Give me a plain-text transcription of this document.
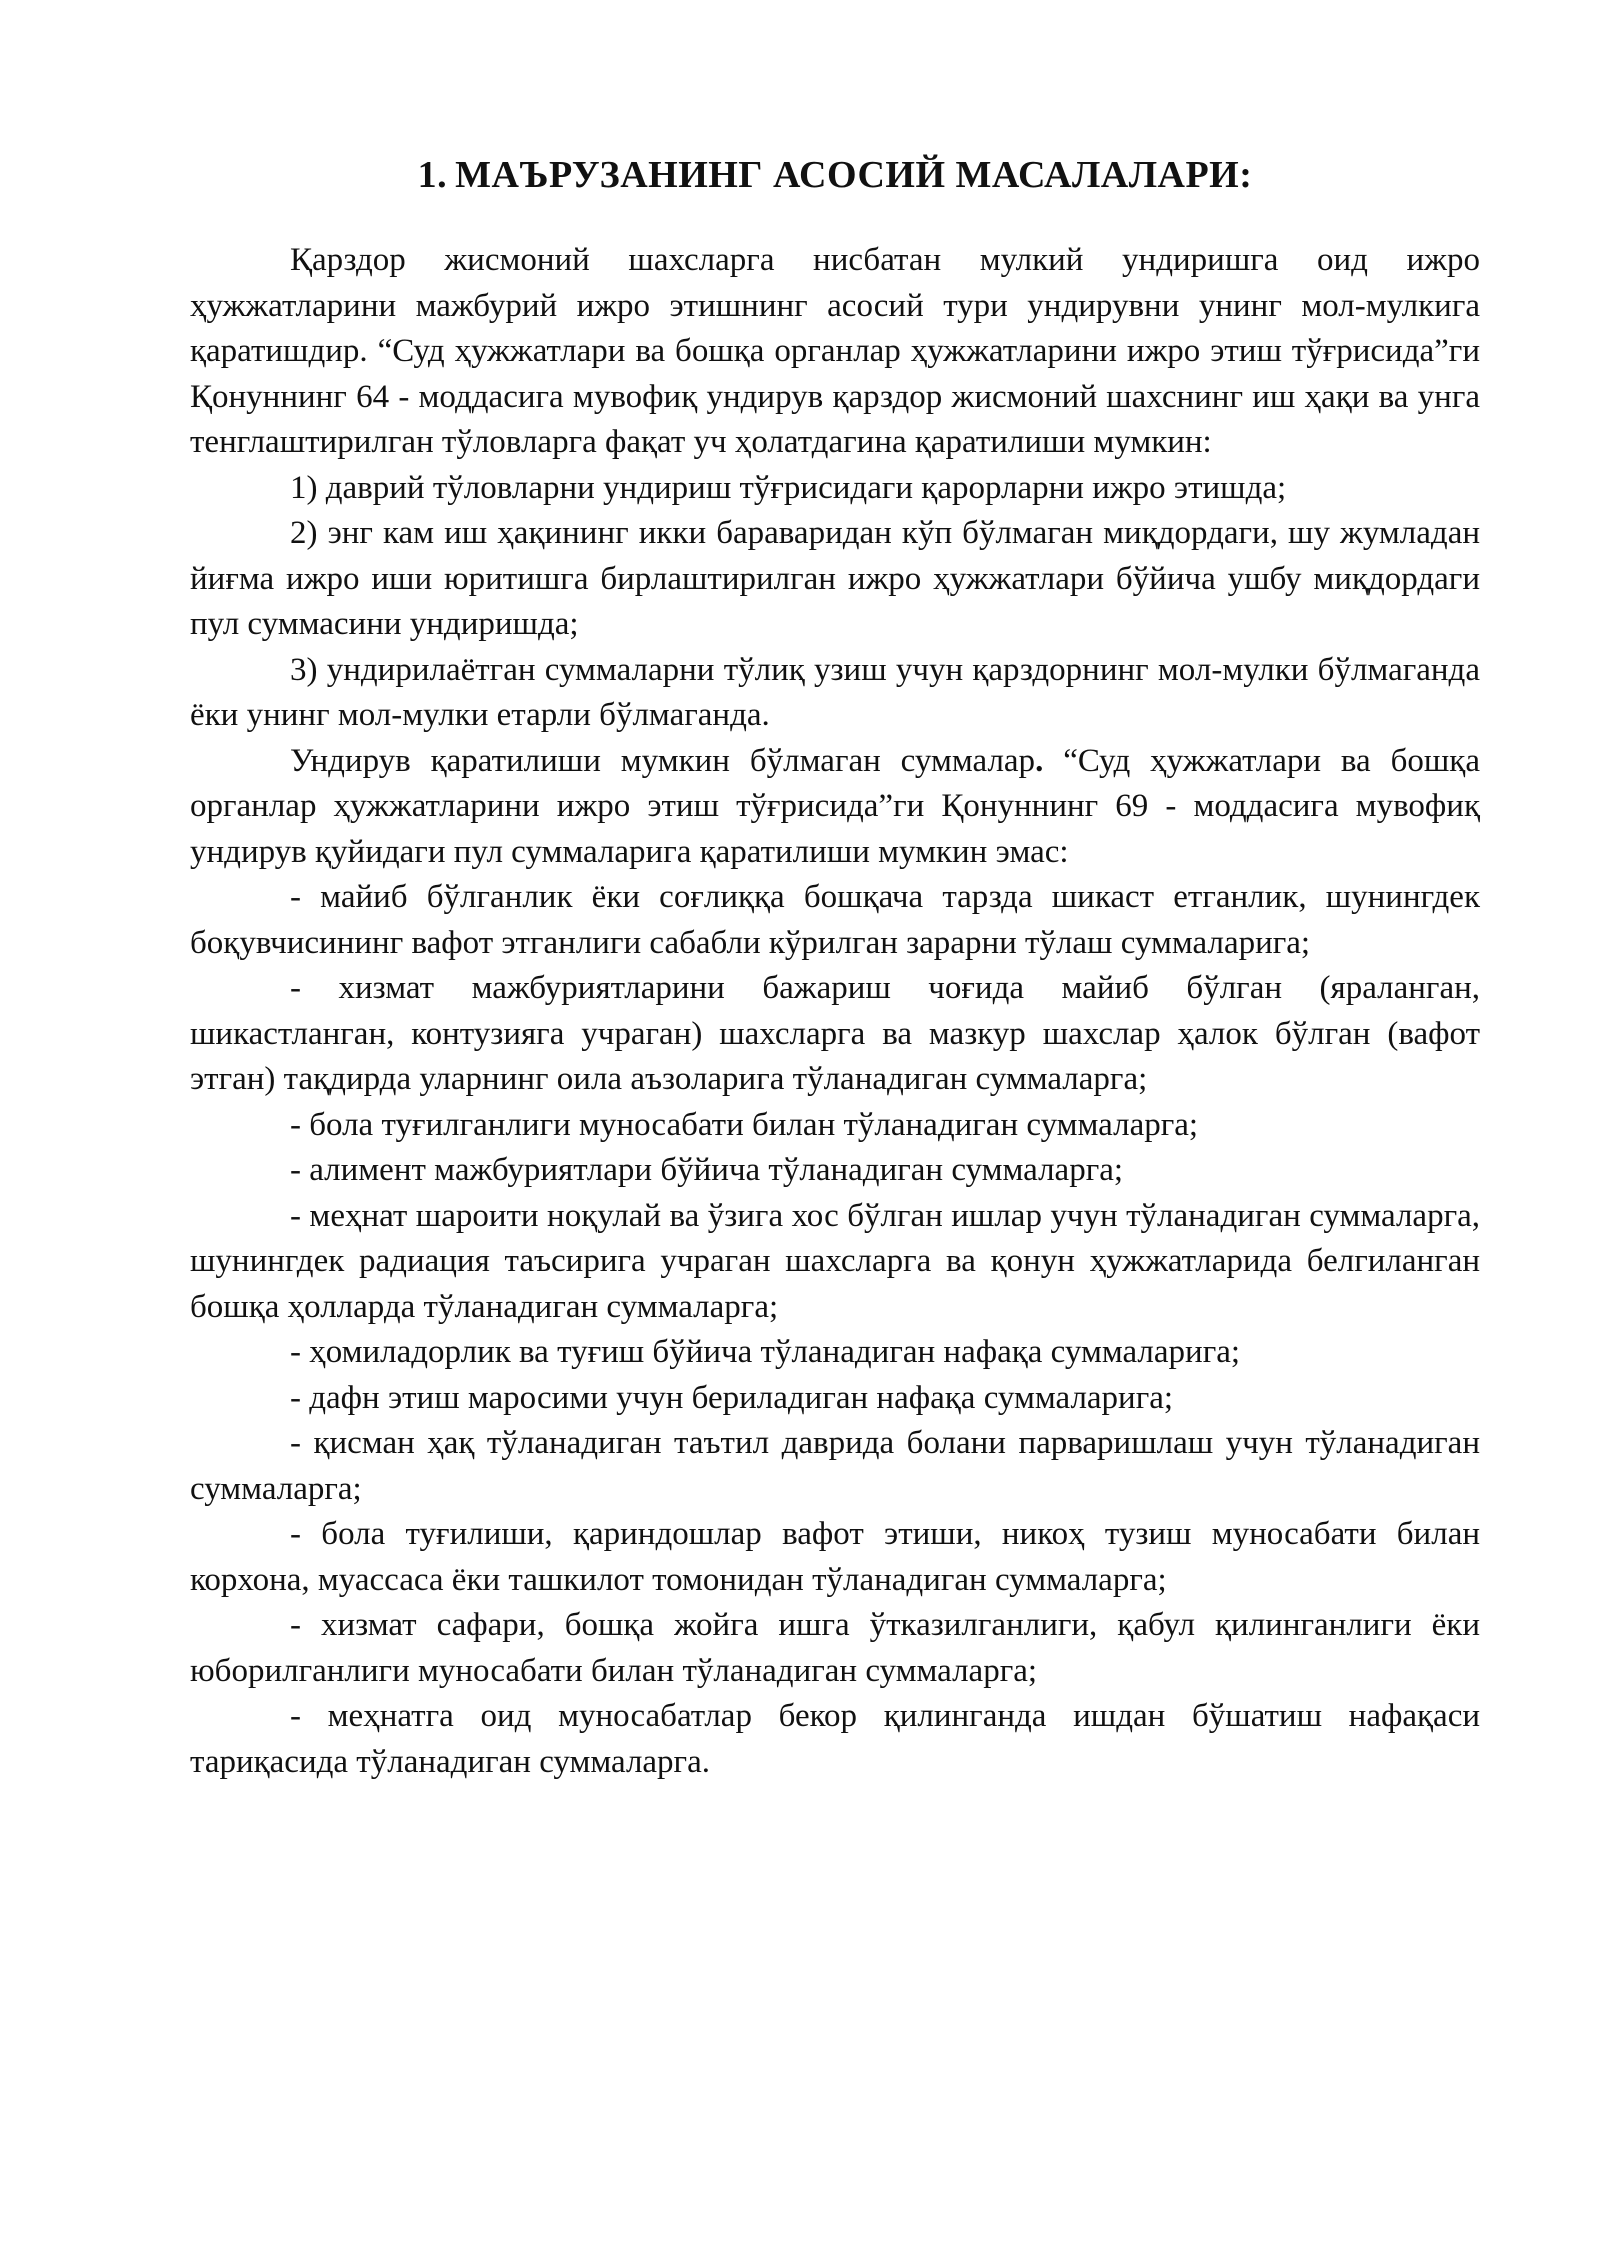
1. МАЪРУЗАНИНГ АСОСИЙ МАСАЛАЛАРИ:

Қарздор жисмоний шахсларга нисбатан мулкий ундиришга оид ижро ҳужжатларини мажбурий ижро этишнинг асосий тури ундирувни унинг мол-мулкига қаратишдир. “Суд ҳужжатлари ва бошқа органлар ҳужжатларини ижро этиш тўғрисида”ги Қонуннинг 64 - моддасига мувофиқ ундирув қарздор жисмоний шахснинг иш ҳақи ва унга тенглаштирилган тўловларга фақат уч ҳолатдагина қаратилиши мумкин:

1) даврий тўловларни ундириш тўғрисидаги қарорларни ижро этишда;

2) энг кам иш ҳақининг икки бараваридан кўп бўлмаган миқдордаги, шу жумладан йиғма ижро иши юритишга бирлаштирилган ижро ҳужжатлари бўйича ушбу миқдордаги пул суммасини ундиришда;

3) ундирилаётган суммаларни тўлиқ узиш учун қарздорнинг мол-мулки бўлмаганда ёки унинг мол-мулки етарли бўлмаганда.

Ундирув қаратилиши мумкин бўлмаган суммалар. “Суд ҳужжатлари ва бошқа органлар ҳужжатларини ижро этиш тўғрисида”ги Қонуннинг 69 - моддасига мувофиқ ундирув қуйидаги пул суммаларига қаратилиши мумкин эмас:

- майиб бўлганлик ёки соғлиққа бошқача тарзда шикаст етганлик, шунингдек боқувчисининг вафот этганлиги сабабли кўрилган зарарни тўлаш суммаларига;

- хизмат мажбуриятларини бажариш чоғида майиб бўлган (яраланган, шикастланган, контузияга учраган) шахсларга ва мазкур шахслар ҳалок бўлган (вафот этган) тақдирда уларнинг оила аъзоларига тўланадиган суммаларга;

- бола туғилганлиги муносабати билан тўланадиган суммаларга;

- алимент мажбуриятлари бўйича тўланадиган суммаларга;

- меҳнат шароити ноқулай ва ўзига хос бўлган ишлар учун тўланадиган суммаларга, шунингдек радиация таъсирига учраган шахсларга ва қонун ҳужжатларида белгиланган бошқа ҳолларда тўланадиган суммаларга;

- ҳомиладорлик ва туғиш бўйича тўланадиган нафақа суммаларига;

- дафн этиш маросими учун бериладиган нафақа суммаларига;

- қисман ҳақ тўланадиган таътил даврида болани парваришлаш учун тўланадиган суммаларга;

- бола туғилиши, қариндошлар вафот этиши, никоҳ тузиш муносабати билан корхона, муассаса ёки ташкилот томонидан тўланадиган суммаларга;

- хизмат сафари, бошқа жойга ишга ўтказилганлиги, қабул қилинганлиги ёки юборилганлиги муносабати билан тўланадиган суммаларга;

- меҳнатга оид муносабатлар бекор қилинганда ишдан бўшатиш нафақаси тариқасида тўланадиган суммаларга.
